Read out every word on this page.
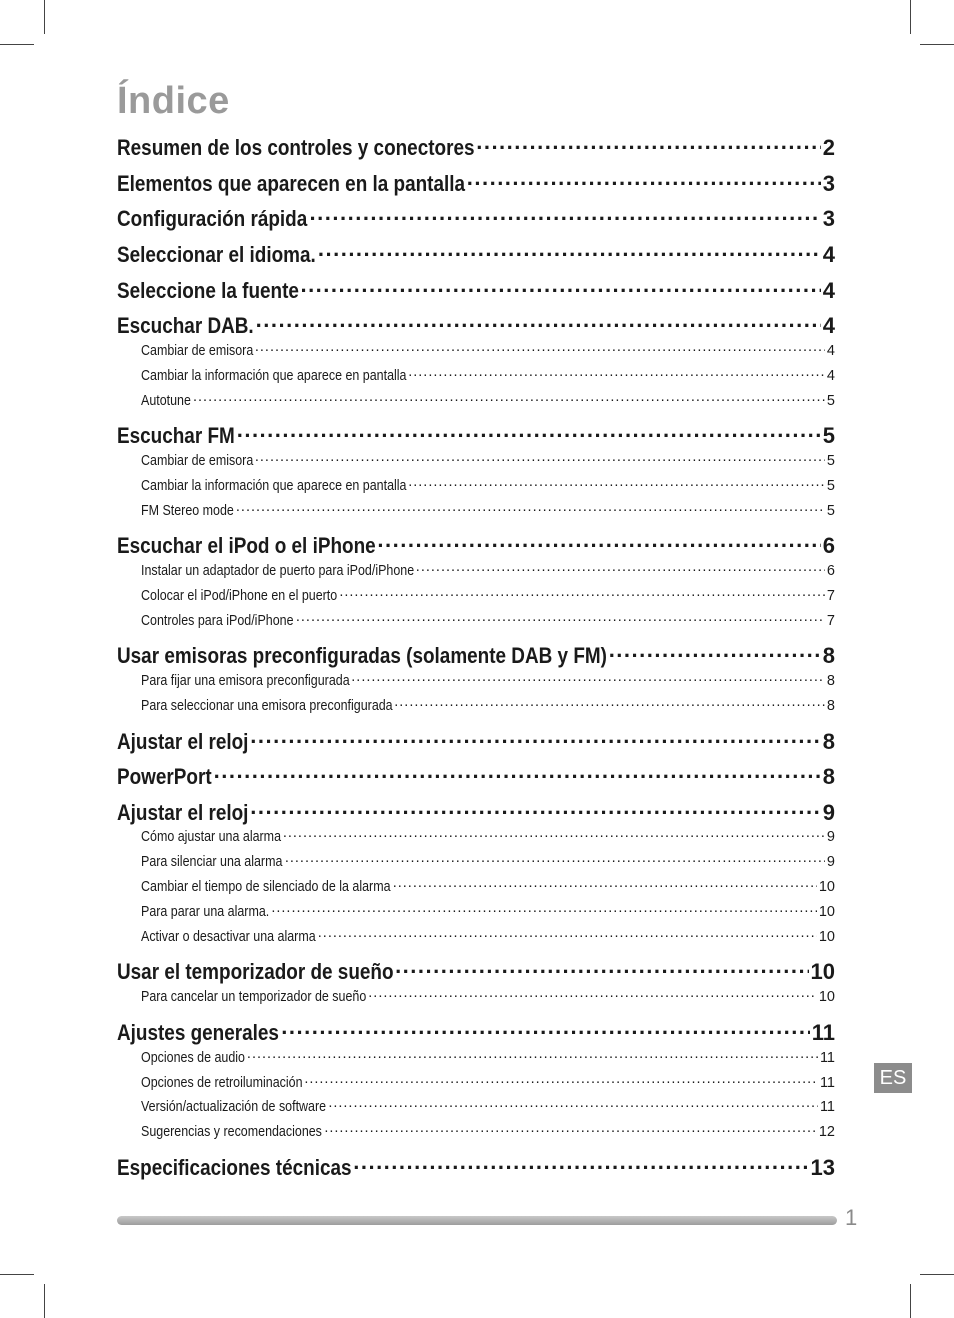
Índice
Resumen de los controles y conectores .....	2
Elementos que aparecen en la pantalla .....	3
Configuración rápida .....	3
Seleccionar el idioma. .....	4
Seleccione la fuente .....	4
Escuchar DAB. .....	4
Cambiar de emisora .....	4
Cambiar la información que aparece en pantalla .....	4
Autotune .....	5
Escuchar FM .....	5
Cambiar de emisora .....	5
Cambiar la información que aparece en pantalla .....	5
FM Stereo mode .....	5
Escuchar el iPod o el iPhone .....	6
Instalar un adaptador de puerto para iPod/iPhone .....	6
Colocar el iPod/iPhone en el puerto .....	7
Controles para iPod/iPhone .....	7
Usar emisoras preconfiguradas (solamente DAB y FM) .....	8
Para fijar una emisora preconfigurada .....	8
Para seleccionar una emisora preconfigurada .....	8
Ajustar el reloj .....	8
PowerPort .....	8
Ajustar el reloj .....	9
Cómo ajustar una alarma .....	9
Para silenciar una alarma .....	9
Cambiar el tiempo de silenciado de la alarma .....	10
Para parar una alarma. .....	10
Activar o desactivar una alarma .....	10
Usar el temporizador de sueño .....	10
Para cancelar un temporizador de sueño .....	10
Ajustes generales .....	11
Opciones de audio .....	11
Opciones de retroiluminación .....	11
Versión/actualización de software .....	11
Sugerencias y recomendaciones .....	12
Especificaciones técnicas .....	13
ES
1
